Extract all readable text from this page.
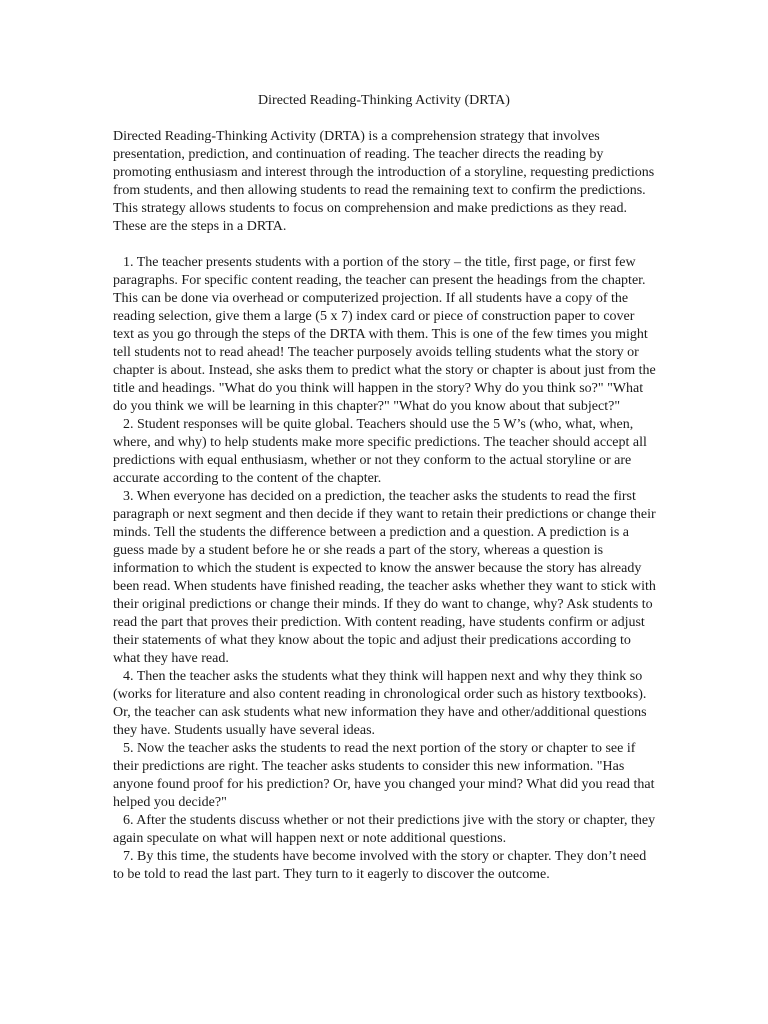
Directed Reading-Thinking Activity (DRTA)

Directed Reading-Thinking Activity (DRTA) is a comprehension strategy that involves presentation, prediction, and continuation of reading. The teacher directs the reading by promoting enthusiasm and interest through the introduction of a storyline, requesting predictions from students, and then allowing students to read the remaining text to confirm the predictions. This strategy allows students to focus on comprehension and make predictions as they read. These are the steps in a DRTA.

1. The teacher presents students with a portion of the story – the title, first page, or first few paragraphs. For specific content reading, the teacher can present the headings from the chapter. This can be done via overhead or computerized projection. If all students have a copy of the reading selection, give them a large (5 x 7) index card or piece of construction paper to cover text as you go through the steps of the DRTA with them. This is one of the few times you might tell students not to read ahead! The teacher purposely avoids telling students what the story or chapter is about. Instead, she asks them to predict what the story or chapter is about just from the title and headings. "What do you think will happen in the story? Why do you think so?" "What do you think we will be learning in this chapter?" "What do you know about that subject?"
2. Student responses will be quite global. Teachers should use the 5 W’s (who, what, when, where, and why) to help students make more specific predictions. The teacher should accept all predictions with equal enthusiasm, whether or not they conform to the actual storyline or are accurate according to the content of the chapter.
3. When everyone has decided on a prediction, the teacher asks the students to read the first paragraph or next segment and then decide if they want to retain their predictions or change their minds. Tell the students the difference between a prediction and a question. A prediction is a guess made by a student before he or she reads a part of the story, whereas a question is information to which the student is expected to know the answer because the story has already been read. When students have finished reading, the teacher asks whether they want to stick with their original predictions or change their minds. If they do want to change, why? Ask students to read the part that proves their prediction. With content reading, have students confirm or adjust their statements of what they know about the topic and adjust their predications according to what they have read.
4. Then the teacher asks the students what they think will happen next and why they think so (works for literature and also content reading in chronological order such as history textbooks). Or, the teacher can ask students what new information they have and other/additional questions they have. Students usually have several ideas.
5. Now the teacher asks the students to read the next portion of the story or chapter to see if their predictions are right. The teacher asks students to consider this new information. "Has anyone found proof for his prediction? Or, have you changed your mind? What did you read that helped you decide?"
6. After the students discuss whether or not their predictions jive with the story or chapter, they again speculate on what will happen next or note additional questions.
7. By this time, the students have become involved with the story or chapter. They don’t need to be told to read the last part. They turn to it eagerly to discover the outcome.
